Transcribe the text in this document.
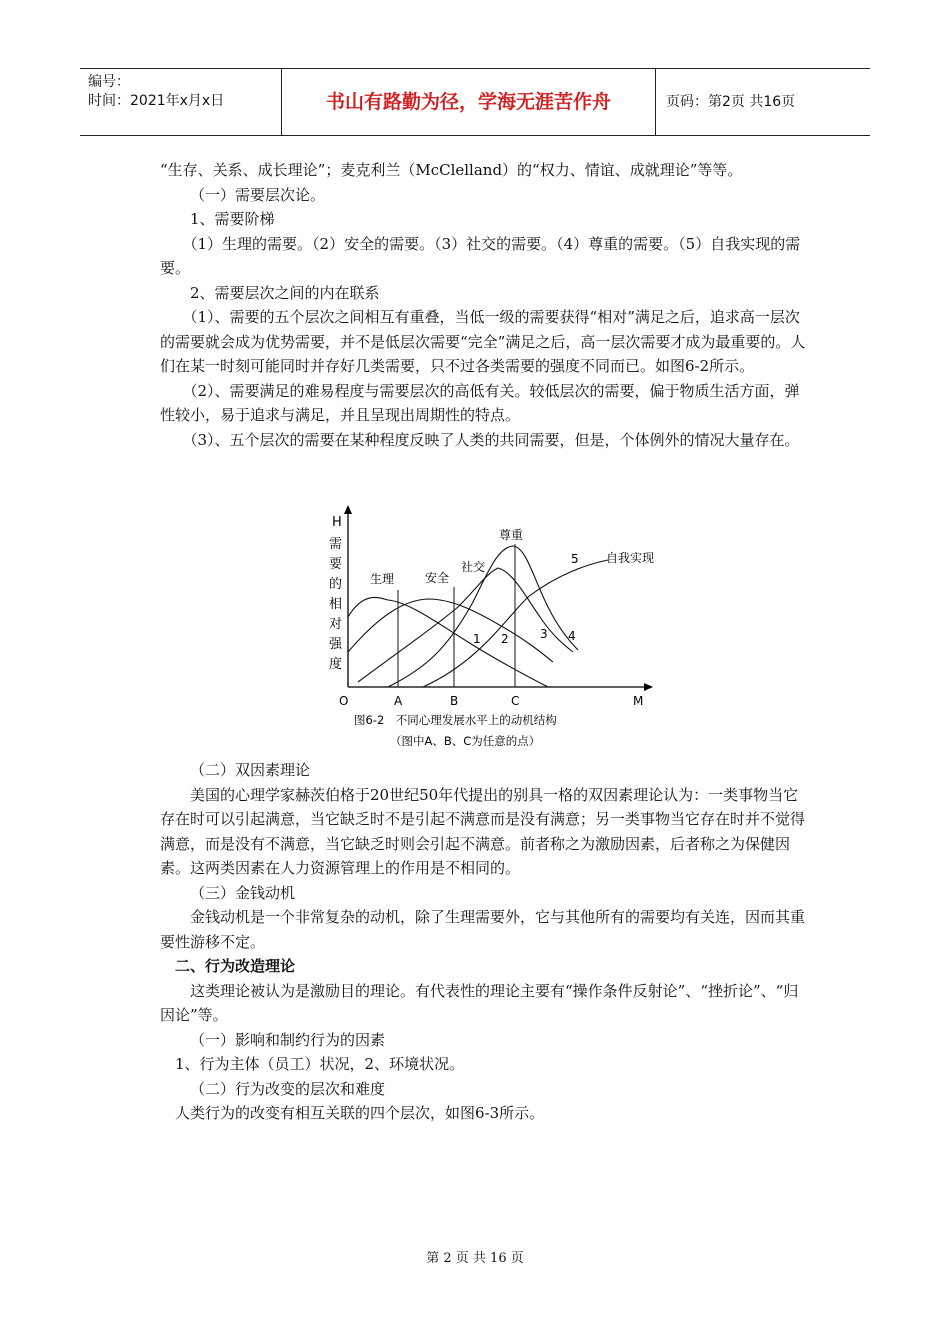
编号：
时间：2021年x月x日	书山有路勤为径，学海无涯苦作舟	页码：第2页 共16页

“生存、关系、成长理论”；麦克利兰（McClelland）的“权力、情谊、成就理论”等等。

（一）需要层次论。

1、需要阶梯

（1）生理的需要。（2）安全的需要。（3）社交的需要。（4）尊重的需要。（5）自我实现的需要。

2、需要层次之间的内在联系

（1）、需要的五个层次之间相互有重叠，当低一级的需要获得“相对”满足之后，追求高一层次的需要就会成为优势需要，并不是低层次需要“完全”满足之后，高一层次需要才成为最重要的。人们在某一时刻可能同时并存好几类需要，只不过各类需要的强度不同而已。如图6-2所示。

（2）、需要满足的难易程度与需要层次的高低有关。较低层次的需要，偏于物质生活方面，弹性较小，易于追求与满足，并且呈现出周期性的特点。

（3）、五个层次的需要在某种程度反映了人类的共同需要，但是，个体例外的情况大量存在。

H
需
要
的
相
对
强
度
生理	安全
社交
尊重
自我实现
1 2	3 4
5
O	A	B	C	M
图6-2　不同心理发展水平上的动机结构
（图中A、B、C为任意的点）

（二）双因素理论

美国的心理学家赫茨伯格于20世纪50年代提出的别具一格的双因素理论认为：一类事物当它存在时可以引起满意，当它缺乏时不是引起不满意而是没有满意；另一类事物当它存在时并不觉得满意，而是没有不满意，当它缺乏时则会引起不满意。前者称之为激励因素，后者称之为保健因素。这两类因素在人力资源管理上的作用是不相同的。

（三）金钱动机

金钱动机是一个非常复杂的动机，除了生理需要外，它与其他所有的需要均有关连，因而其重要性游移不定。

二、行为改造理论

这类理论被认为是激励目的理论。有代表性的理论主要有“操作条件反射论”、“挫折论”、“归因论”等。

（一）影响和制约行为的因素

1、行为主体（员工）状况，2、环境状况。

（二）行为改变的层次和难度

人类行为的改变有相互关联的四个层次，如图6-3所示。

第 2 页 共 16 页
